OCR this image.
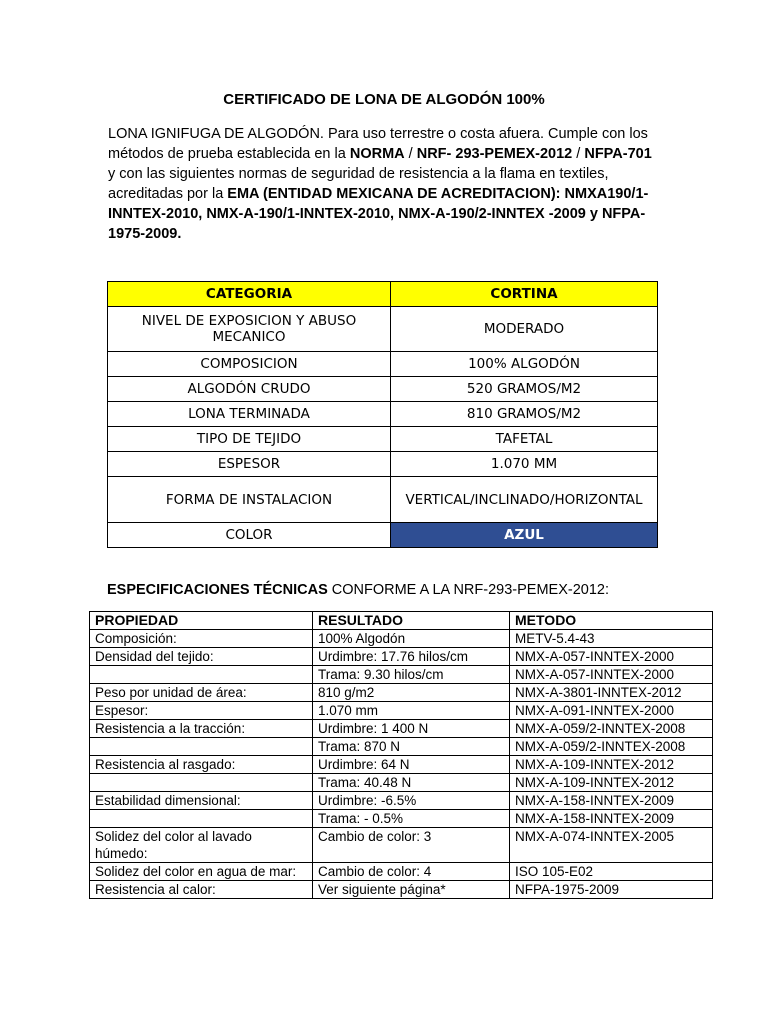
CERTIFICADO DE LONA DE ALGODÓN 100%
LONA IGNIFUGA DE ALGODÓN. Para uso terrestre o costa afuera. Cumple con los métodos de prueba establecida en la NORMA / NRF- 293-PEMEX-2012 / NFPA-701 y con las siguientes normas de seguridad de resistencia a la flama en textiles, acreditadas por la EMA (ENTIDAD MEXICANA DE ACREDITACION): NMXA190/1-INNTEX-2010, NMX-A-190/1-INNTEX-2010, NMX-A-190/2-INNTEX -2009 y NFPA- 1975-2009.
CATEGORIA	CORTINA
NIVEL DE EXPOSICION Y ABUSO MECANICO	MODERADO
COMPOSICION	100% ALGODÓN
ALGODÓN CRUDO	520 GRAMOS/M2
LONA TERMINADA	810 GRAMOS/M2
TIPO DE TEJIDO	TAFETAL
ESPESOR	1.070 MM
FORMA DE INSTALACION	VERTICAL/INCLINADO/HORIZONTAL
COLOR	AZUL
ESPECIFICACIONES TÉCNICAS CONFORME A LA NRF-293-PEMEX-2012:
PROPIEDAD	RESULTADO	METODO
Composición:	100% Algodón	METV-5.4-43
Densidad del tejido:	Urdimbre: 17.76 hilos/cm	NMX-A-057-INNTEX-2000
	Trama: 9.30 hilos/cm	NMX-A-057-INNTEX-2000
Peso por unidad de área:	810 g/m2	NMX-A-3801-INNTEX-2012
Espesor:	1.070 mm	NMX-A-091-INNTEX-2000
Resistencia a la tracción:	Urdimbre: 1 400 N	NMX-A-059/2-INNTEX-2008
	Trama: 870 N	NMX-A-059/2-INNTEX-2008
Resistencia al rasgado:	Urdimbre: 64 N	NMX-A-109-INNTEX-2012
	Trama: 40.48 N	NMX-A-109-INNTEX-2012
Estabilidad dimensional:	Urdimbre: -6.5%	NMX-A-158-INNTEX-2009
	Trama: - 0.5%	NMX-A-158-INNTEX-2009
Solidez del color al lavado húmedo:	Cambio de color: 3	NMX-A-074-INNTEX-2005
Solidez del color en agua de mar:	Cambio de color: 4	ISO 105-E02
Resistencia al calor:	Ver siguiente página*	NFPA-1975-2009
